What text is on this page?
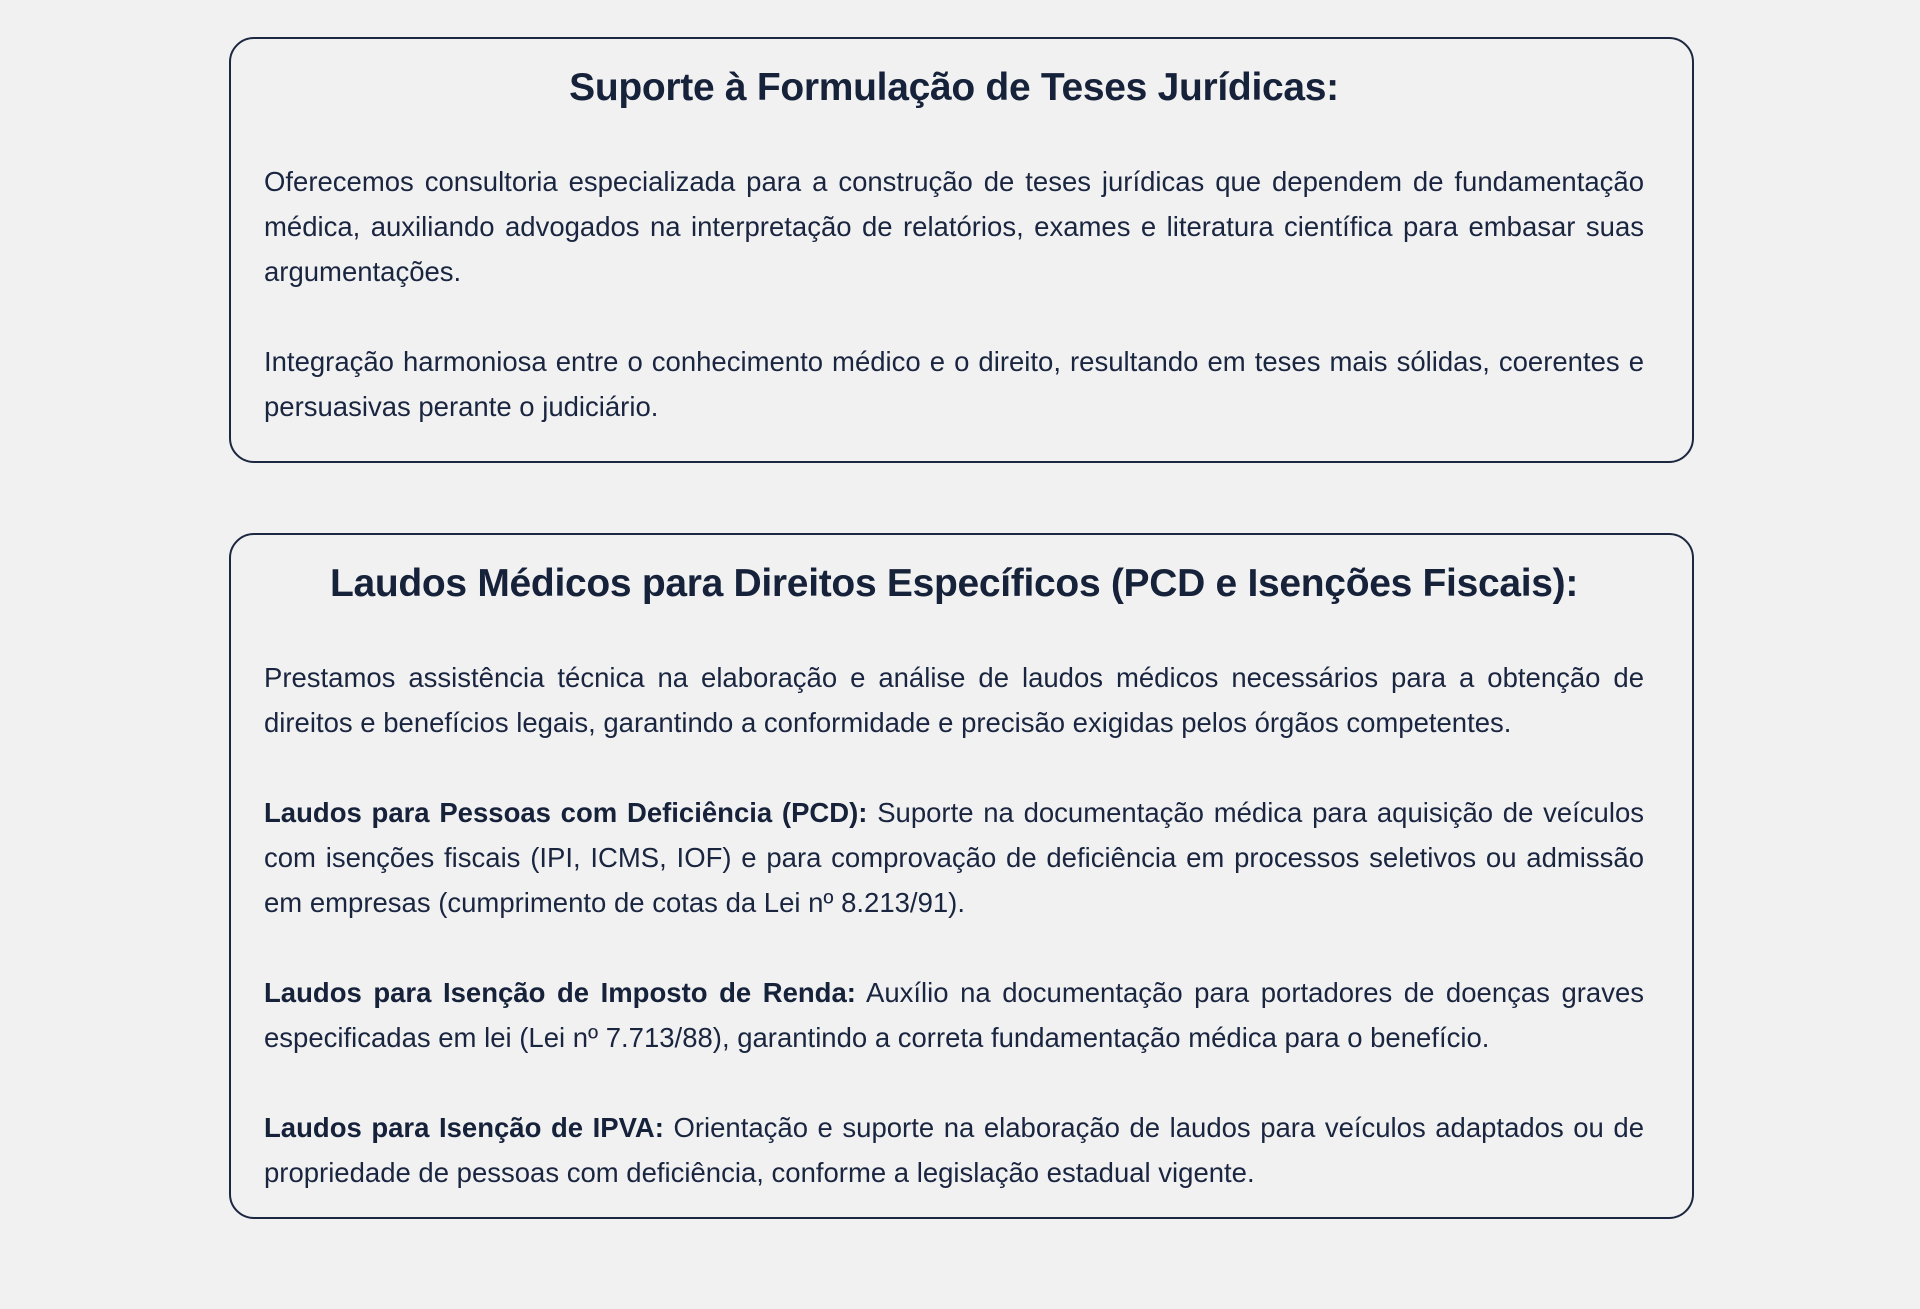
Suporte à Formulação de Teses Jurídicas:

Oferecemos consultoria especializada para a construção de teses jurídicas que dependem de fundamentação médica, auxiliando advogados na interpretação de relatórios, exames e literatura científica para embasar suas argumentações.

Integração harmoniosa entre o conhecimento médico e o direito, resultando em teses mais sólidas, coerentes e persuasivas perante o judiciário.

Laudos Médicos para Direitos Específicos (PCD e Isenções Fiscais):

Prestamos assistência técnica na elaboração e análise de laudos médicos necessários para a obtenção de direitos e benefícios legais, garantindo a conformidade e precisão exigidas pelos órgãos competentes.

Laudos para Pessoas com Deficiência (PCD): Suporte na documentação médica para aquisição de veículos com isenções fiscais (IPI, ICMS, IOF) e para comprovação de deficiência em processos seletivos ou admissão em empresas (cumprimento de cotas da Lei nº 8.213/91).

Laudos para Isenção de Imposto de Renda: Auxílio na documentação para portadores de doenças graves especificadas em lei (Lei nº 7.713/88), garantindo a correta fundamentação médica para o benefício.

Laudos para Isenção de IPVA: Orientação e suporte na elaboração de laudos para veículos adaptados ou de propriedade de pessoas com deficiência, conforme a legislação estadual vigente.
